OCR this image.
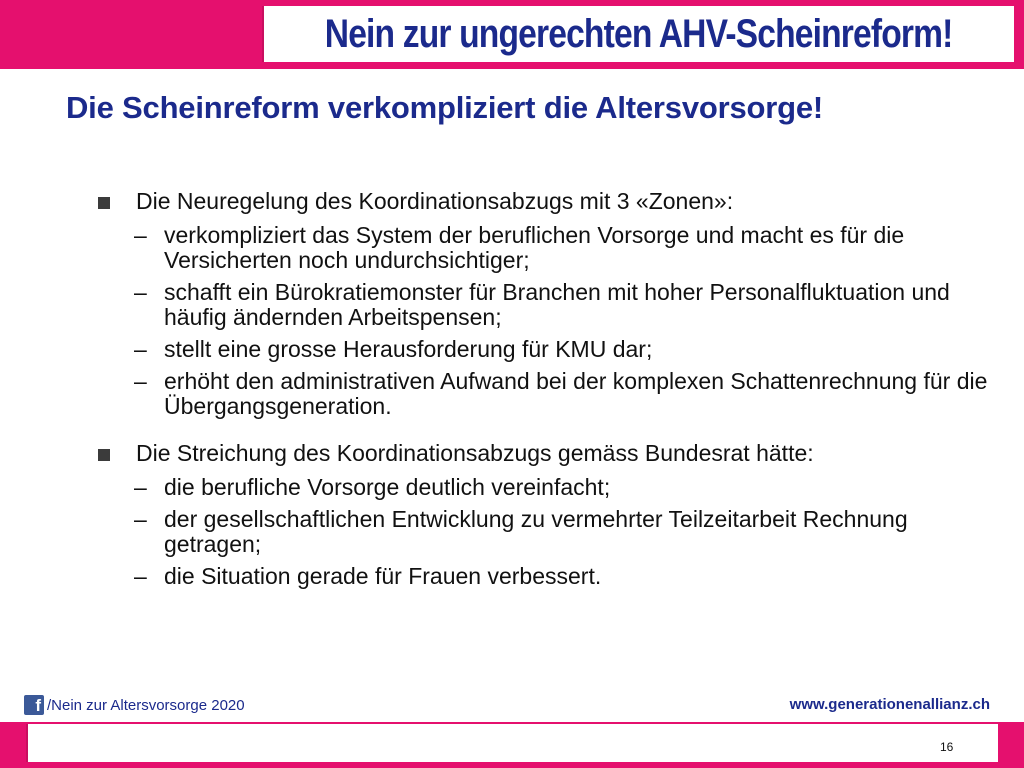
Nein zur ungerechten AHV-Scheinreform!
Die Scheinreform verkompliziert die Altersvorsorge!
Die Neuregelung des Koordinationsabzugs mit 3 «Zonen»:
– verkompliziert das System der beruflichen Vorsorge und macht es für die Versicherten noch undurchsichtiger;
– schafft ein Bürokratiemonster für Branchen mit hoher Personalfluktuation und häufig ändernden Arbeitspensen;
– stellt eine grosse Herausforderung für KMU dar;
– erhöht den administrativen Aufwand bei der komplexen Schattenrechnung für die Übergangsgeneration.
Die Streichung des Koordinationsabzugs gemäss Bundesrat hätte:
– die berufliche Vorsorge deutlich vereinfacht;
– der gesellschaftlichen Entwicklung zu vermehrter Teilzeitarbeit Rechnung getragen;
– die Situation gerade für Frauen verbessert.
f /Nein zur Altersvorsorge 2020	www.generationenallianz.ch
16
